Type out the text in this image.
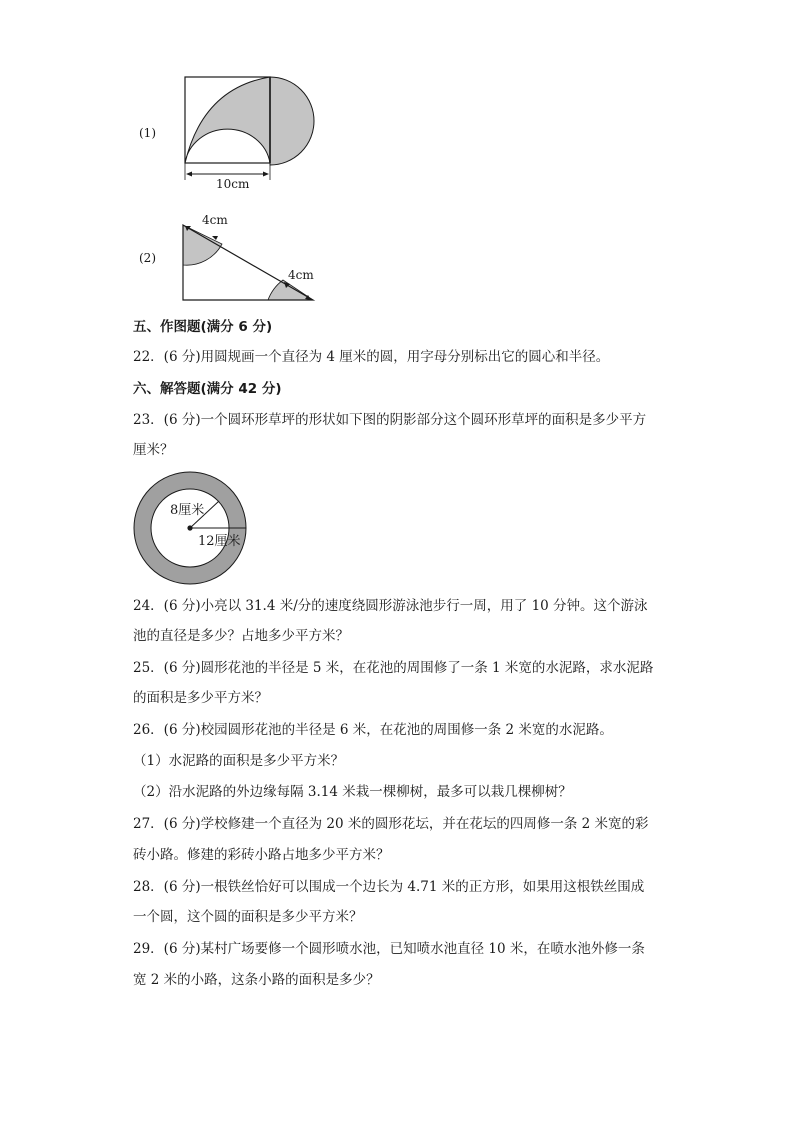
(1)
10cm
(2)
4cm
4cm
五、作图题(满分 6 分)
22．(6 分)用圆规画一个直径为 4 厘米的圆，用字母分别标出它的圆心和半径。
六、解答题(满分 42 分)
23．(6 分)一个圆环形草坪的形状如下图的阴影部分这个圆环形草坪的面积是多少平方
厘米？
8厘米
12厘米
24．(6 分)小亮以 31.4 米/分的速度绕圆形游泳池步行一周，用了 10 分钟。这个游泳
池的直径是多少？占地多少平方米？
25．(6 分)圆形花池的半径是 5 米，在花池的周围修了一条 1 米宽的水泥路，求水泥路
的面积是多少平方米？
26．(6 分)校园圆形花池的半径是 6 米，在花池的周围修一条 2 米宽的水泥路。
（1）水泥路的面积是多少平方米？
（2）沿水泥路的外边缘每隔 3.14 米栽一棵柳树，最多可以栽几棵柳树？
27．(6 分)学校修建一个直径为 20 米的圆形花坛，并在花坛的四周修一条 2 米宽的彩
砖小路。修建的彩砖小路占地多少平方米？
28．(6 分)一根铁丝恰好可以围成一个边长为 4.71 米的正方形，如果用这根铁丝围成
一个圆，这个圆的面积是多少平方米？
29．(6 分)某村广场要修一个圆形喷水池，已知喷水池直径 10 米，在喷水池外修一条
宽 2 米的小路，这条小路的面积是多少？
